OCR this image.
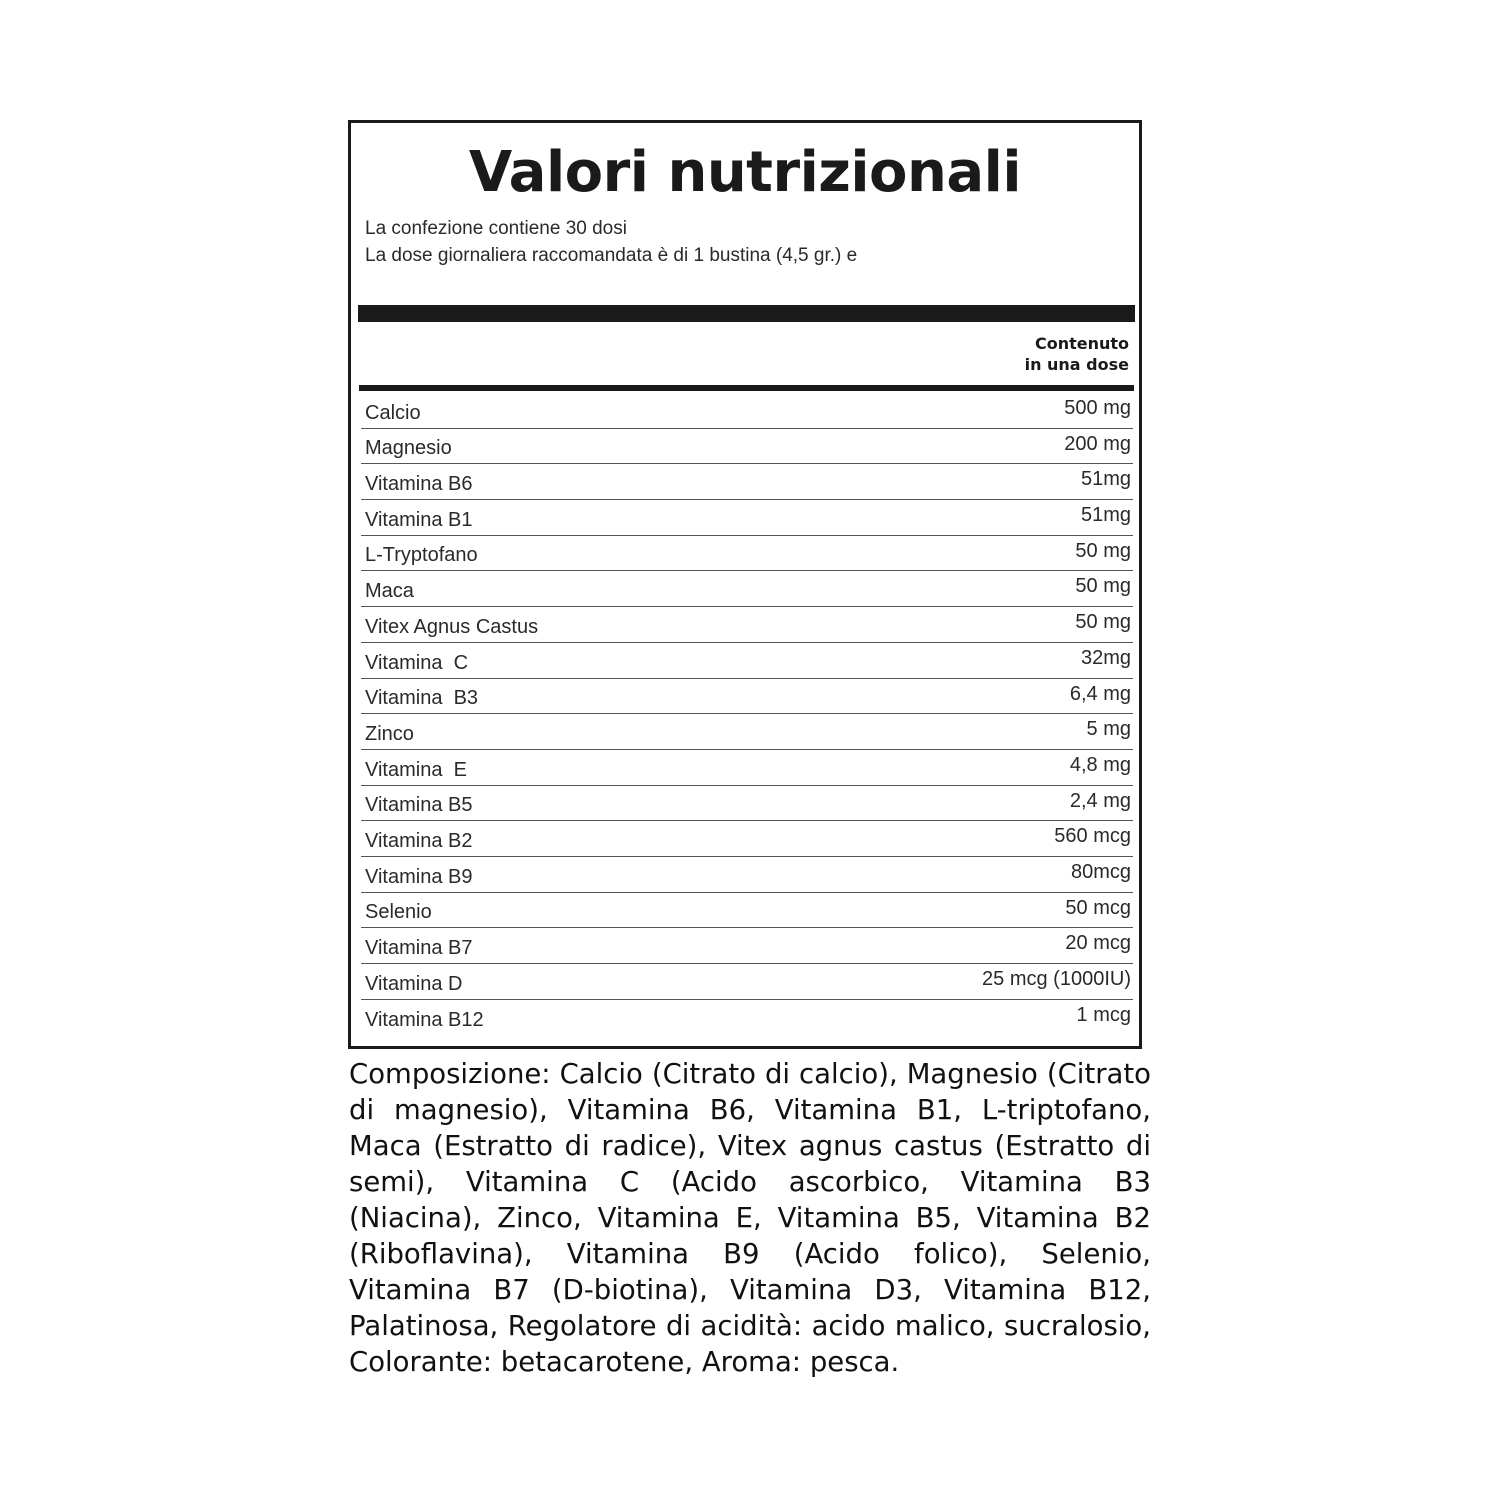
Valori nutrizionali
La confezione contiene 30 dosi
La dose giornaliera raccomandata è di 1 bustina (4,5 gr.) e
Contenuto
in una dose
Calcio	500 mg
Magnesio	200 mg
Vitamina B6	51mg
Vitamina B1	51mg
L-Tryptofano	50 mg
Maca	50 mg
Vitex Agnus Castus	50 mg
Vitamina  C	32mg
Vitamina  B3	6,4 mg
Zinco	5 mg
Vitamina  E	4,8 mg
Vitamina B5	2,4 mg
Vitamina B2	560 mcg
Vitamina B9	80mcg
Selenio	50 mcg
Vitamina B7	20 mcg
Vitamina D	25 mcg (1000IU)
Vitamina B12	1 mcg
Composizione: Calcio (Citrato di calcio), Magnesio (Citrato di magnesio), Vitamina B6, Vitamina B1, L-triptofano, Maca (Estratto di radice), Vitex agnus castus (Estratto di semi), Vitamina C (Acido ascorbico, Vitamina B3 (Niacina), Zinco, Vitamina E, Vitamina B5, Vitamina B2 (Riboflavina), Vitamina B9 (Acido folico), Selenio, Vitamina B7 (D-biotina), Vitamina D3, Vitamina B12, Palatinosa, Regolatore di acidità: acido malico, sucralosio, Colorante: betacarotene, Aroma: pesca.
